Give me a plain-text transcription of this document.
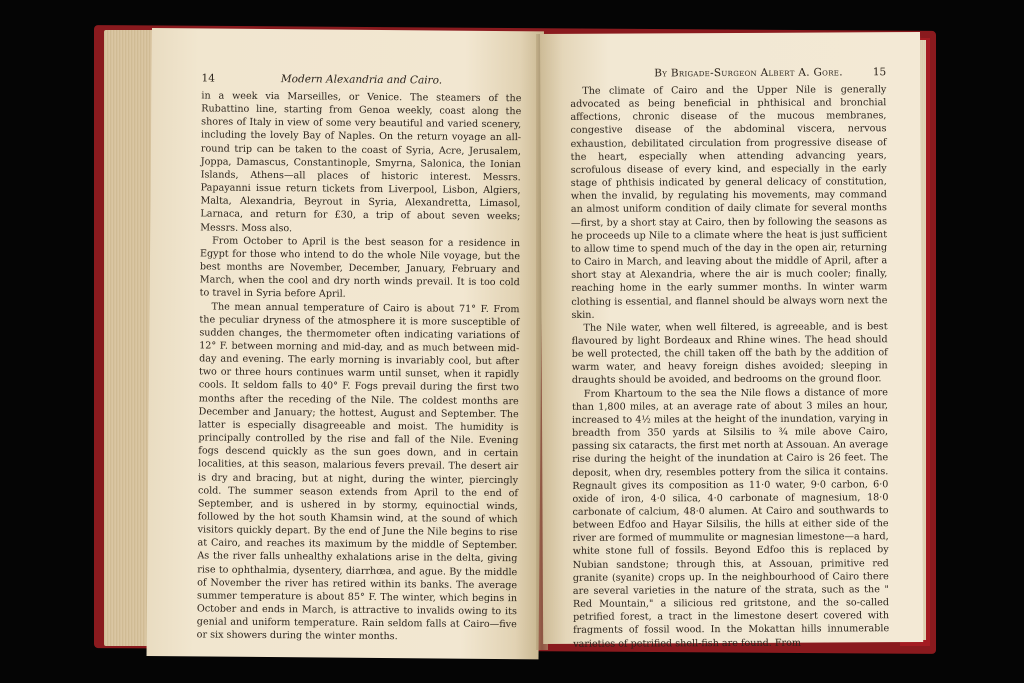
14	Modern Alexandria and Cairo.

in a week via Marseilles, or Venice. The steamers of the Rubattino line, starting from Genoa weekly, coast along the shores of Italy in view of some very beautiful and varied scenery, including the lovely Bay of Naples. On the return voyage an all-round trip can be taken to the coast of Syria, Acre, Jerusalem, Joppa, Damascus, Constantinople, Smyrna, Salonica, the Ionian Islands, Athens—all places of historic interest. Messrs. Papayanni issue return tickets from Liverpool, Lisbon, Algiers, Malta, Alexandria, Beyrout in Syria, Alexandretta, Limasol, Larnaca, and return for £30, a trip of about seven weeks; Messrs. Moss also.

From October to April is the best season for a residence in Egypt for those who intend to do the whole Nile voyage, but the best months are November, December, January, February and March, when the cool and dry north winds prevail. It is too cold to travel in Syria before April.

The mean annual temperature of Cairo is about 71° F. From the peculiar dryness of the atmosphere it is more susceptible of sudden changes, the thermometer often indicating variations of 12° F. between morning and mid-day, and as much between mid-day and evening. The early morning is invariably cool, but after two or three hours continues warm until sunset, when it rapidly cools. It seldom falls to 40° F. Fogs prevail during the first two months after the receding of the Nile. The coldest months are December and January; the hottest, August and September. The latter is especially disagreeable and moist. The humidity is principally controlled by the rise and fall of the Nile. Evening fogs descend quickly as the sun goes down, and in certain localities, at this season, malarious fevers prevail. The desert air is dry and bracing, but at night, during the winter, piercingly cold. The summer season extends from April to the end of September, and is ushered in by stormy, equinoctial winds, followed by the hot south Khamsin wind, at the sound of which visitors quickly depart. By the end of June the Nile begins to rise at Cairo, and reaches its maximum by the middle of September. As the river falls unhealthy exhalations arise in the delta, giving rise to ophthalmia, dysentery, diarrhœa, and ague. By the middle of November the river has retired within its banks. The average summer temperature is about 85° F. The winter, which begins in October and ends in March, is attractive to invalids owing to its genial and uniform temperature. Rain seldom falls at Cairo—five or six showers during the winter months.

By Brigade-Surgeon Albert A. Gore.	15

The climate of Cairo and the Upper Nile is generally advocated as being beneficial in phthisical and bronchial affections, chronic disease of the mucous membranes, congestive disease of the abdominal viscera, nervous exhaustion, debilitated circulation from progressive disease of the heart, especially when attending advancing years, scrofulous disease of every kind, and especially in the early stage of phthisis indicated by general delicacy of constitution, when the invalid, by regulating his movements, may command an almost uniform condition of daily climate for several months—first, by a short stay at Cairo, then by following the seasons as he proceeds up Nile to a climate where the heat is just sufficient to allow time to spend much of the day in the open air, returning to Cairo in March, and leaving about the middle of April, after a short stay at Alexandria, where the air is much cooler; finally, reaching home in the early summer months. In winter warm clothing is essential, and flannel should be always worn next the skin.

The Nile water, when well filtered, is agreeable, and is best flavoured by light Bordeaux and Rhine wines. The head should be well protected, the chill taken off the bath by the addition of warm water, and heavy foreign dishes avoided; sleeping in draughts should be avoided, and bedrooms on the ground floor.

From Khartoum to the sea the Nile flows a distance of more than 1,800 miles, at an average rate of about 3 miles an hour, increased to 4½ miles at the height of the inundation, varying in breadth from 350 yards at Silsilis to ¾ mile above Cairo, passing six cataracts, the first met north at Assouan. An average rise during the height of the inundation at Cairo is 26 feet. The deposit, when dry, resembles pottery from the silica it contains. Regnault gives its composition as 11·0 water, 9·0 carbon, 6·0 oxide of iron, 4·0 silica, 4·0 carbonate of magnesium, 18·0 carbonate of calcium, 48·0 alumen. At Cairo and southwards to between Edfoo and Hayar Silsilis, the hills at either side of the river are formed of mummulite or magnesian limestone—a hard, white stone full of fossils. Beyond Edfoo this is replaced by Nubian sandstone; through this, at Assouan, primitive red granite (syanite) crops up. In the neighbourhood of Cairo there are several varieties in the nature of the strata, such as the " Red Mountain," a silicious red gritstone, and the so-called petrified forest, a tract in the limestone desert covered with fragments of fossil wood. In the Mokattan hills innumerable varieties of petrified shell-fish are found. From
